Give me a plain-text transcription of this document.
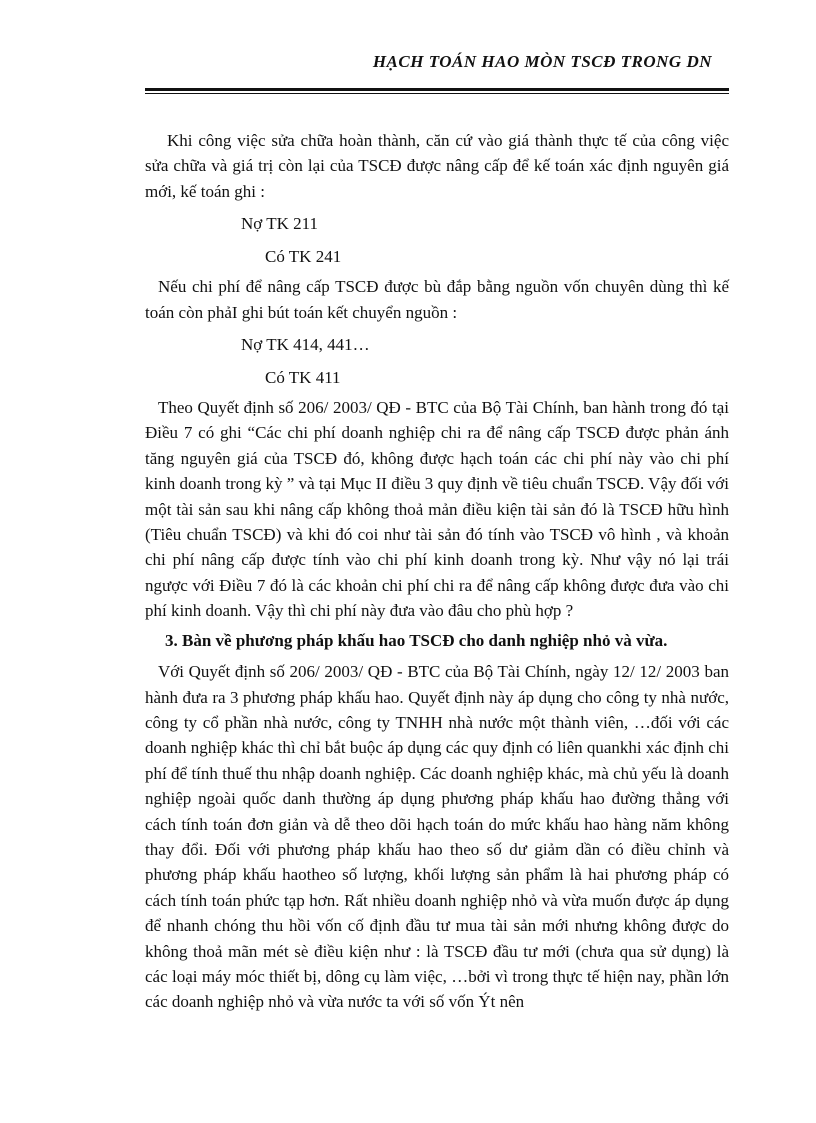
HẠCH TOÁN HAO MÒN TSCĐ TRONG DN

Khi công việc sửa chữa hoàn thành, căn cứ vào giá thành thực tế của công việc sửa chữa và giá trị còn lại của TSCĐ được nâng cấp để kế toán xác định nguyên giá mới, kế toán ghi :

Nợ TK 211
Có TK 241

Nếu chi phí để nâng cấp TSCĐ được bù đắp bằng nguồn vốn chuyên dùng thì kế toán còn phảI ghi bút toán kết chuyển nguồn :

Nợ TK 414, 441…
Có TK 411

Theo Quyết định số 206/ 2003/ QĐ - BTC của Bộ Tài Chính, ban hành trong đó tại Điều 7 có ghi “Các chi phí doanh nghiệp chi ra để nâng cấp TSCĐ được phản ánh tăng nguyên giá của TSCĐ đó, không được hạch toán các chi phí này vào chi phí kinh doanh trong kỳ ” và tại Mục II điều 3 quy định về tiêu chuẩn TSCĐ. Vậy đối với một tài sản sau khi nâng cấp không thoả mản điều kiện tài sản đó là TSCĐ hữu hình (Tiêu chuẩn TSCĐ) và khi đó coi như tài sản đó tính vào TSCĐ vô hình , và khoản chi phí nâng cấp được tính vào chi phí kinh doanh trong kỳ. Như vậy nó lại trái ngược với Điều 7 đó là các khoản chi phí chi ra để nâng cấp không được đưa vào chi phí kinh doanh. Vậy thì chi phí này đưa vào đâu cho phù hợp ?

3. Bàn về phương pháp khấu hao TSCĐ cho danh nghiệp nhỏ và vừa.

Với Quyết định số 206/ 2003/ QĐ - BTC của Bộ Tài Chính, ngày 12/ 12/ 2003 ban hành đưa ra 3 phương pháp khấu hao. Quyết định này áp dụng cho công ty nhà nước, công ty cổ phần nhà nước, công ty TNHH nhà nước một thành viên, …đối với các doanh nghiệp khác thì chỉ bắt buộc áp dụng các quy định có liên quankhi xác định chi phí để tính thuế thu nhập doanh nghiệp. Các doanh nghiệp khác, mà chủ yếu là doanh nghiệp ngoài quốc danh thường áp dụng phương pháp khấu hao đường thẳng với cách tính toán đơn giản và dễ theo dõi hạch toán do mức khấu hao hàng năm không thay đổi. Đối với phương pháp khấu hao theo số dư giảm dần có điều chỉnh và phương pháp khấu haotheo số lượng, khối lượng sản phẩm là hai phương pháp có cách tính toán phức tạp hơn. Rất nhiều doanh nghiệp nhỏ và vừa muốn được áp dụng để nhanh chóng thu hồi vốn cố định đầu tư mua tài sản mới nhưng không được do không thoả mãn mét sè điều kiện như : là TSCĐ đầu tư mới (chưa qua sử dụng) là các loại máy móc thiết bị, dông cụ làm việc, …bởi vì trong thực tế hiện nay, phần lớn các doanh nghiệp nhỏ và vừa nước ta với số vốn Ýt nên
